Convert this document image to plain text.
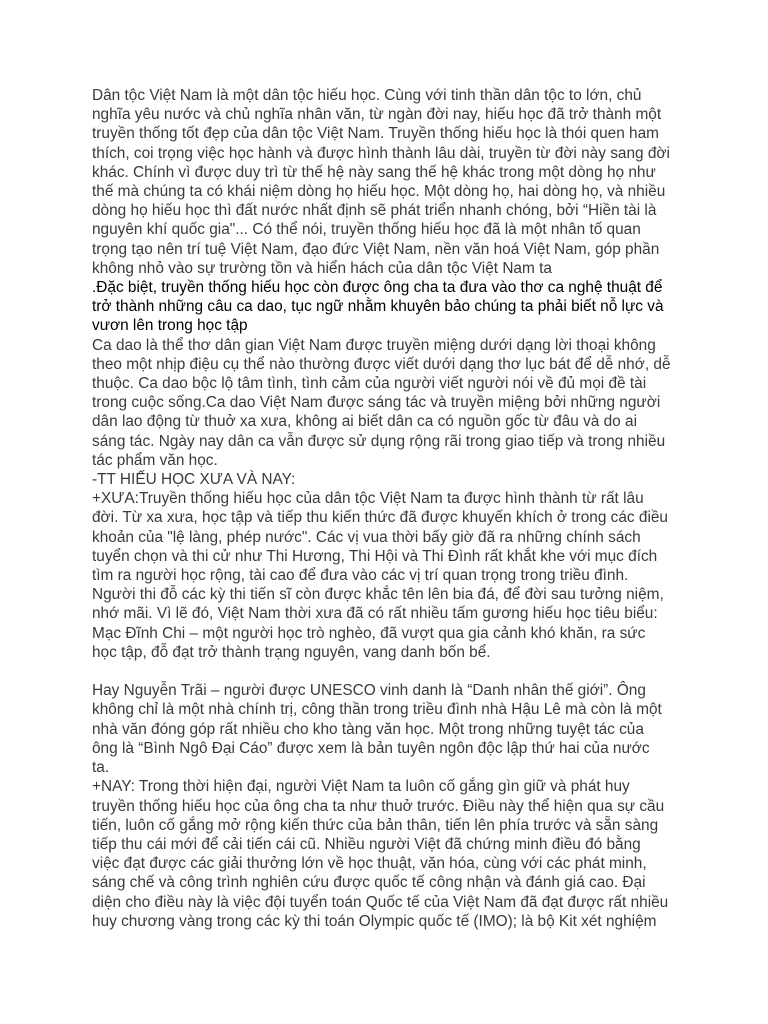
Dân tộc Việt Nam là một dân tộc hiếu học. Cùng với tinh thần dân tộc to lớn, chủ
nghĩa yêu nước và chủ nghĩa nhân văn, từ ngàn đời nay, hiếu học đã trở thành một
truyền thống tốt đẹp của dân tộc Việt Nam. Truyền thống hiếu học là thói quen ham
thích, coi trọng việc học hành và được hình thành lâu dài, truyền từ đời này sang đời
khác. Chính vì được duy trì từ thế hệ này sang thế hệ khác trong một dòng họ như
thế mà chúng ta có khái niệm dòng họ hiếu học. Một dòng họ, hai dòng họ, và nhiều
dòng họ hiếu học thì đất nước nhất định sẽ phát triển nhanh chóng, bởi “Hiền tài là
nguyên khí quốc gia"... Có thể nói, truyền thống hiếu học đã là một nhân tố quan
trọng tạo nên trí tuệ Việt Nam, đạo đức Việt Nam, nền văn hoá Việt Nam, góp phần
không nhỏ vào sự trường tồn và hiển hách của dân tộc Việt Nam ta
.Đặc biệt, truyền thống hiếu học còn được ông cha ta đưa vào thơ ca nghệ thuật để
trở thành những câu ca dao, tục ngữ nhằm khuyên bảo chúng ta phải biết nỗ lực và
vươn lên trong học tập
Ca dao là thể thơ dân gian Việt Nam được truyền miệng dưới dạng lời thoại không
theo một nhịp điệu cụ thể nào thường được viết dưới dạng thơ lục bát để dễ nhớ, dễ
thuộc. Ca dao bộc lộ tâm tình, tình cảm của người viết người nói về đủ mọi đề tài
trong cuộc sống.Ca dao Việt Nam được sáng tác và truyền miệng bởi những người
dân lao động từ thuở xa xưa, không ai biết dân ca có nguồn gốc từ đâu và do ai
sáng tác. Ngày nay dân ca vẫn được sử dụng rộng rãi trong giao tiếp và trong nhiều
tác phẩm văn học.
-TT HIẾU HỌC XƯA VÀ NAY:
+XƯA:Truyền thống hiếu học của dân tộc Việt Nam ta được hình thành từ rất lâu
đời. Từ xa xưa, học tập và tiếp thu kiến thức đã được khuyến khích ở trong các điều
khoản của "lệ làng, phép nước". Các vị vua thời bấy giờ đã ra những chính sách
tuyển chọn và thi cử như Thi Hương, Thi Hội và Thi Đình rất khắt khe với mục đích
tìm ra người học rộng, tài cao để đưa vào các vị trí quan trọng trong triều đình.
Người thi đỗ các kỳ thi tiến sĩ còn được khắc tên lên bia đá, để đời sau tưởng niệm,
nhớ mãi. Vì lẽ đó, Việt Nam thời xưa đã có rất nhiều tấm gương hiếu học tiêu biểu:
Mạc Đĩnh Chi – một người học trò nghèo, đã vượt qua gia cảnh khó khăn, ra sức
học tập, đỗ đạt trở thành trạng nguyên, vang danh bốn bể.
Hay Nguyễn Trãi – người được UNESCO vinh danh là “Danh nhân thế giới”. Ông
không chỉ là một nhà chính trị, công thần trong triều đình nhà Hậu Lê mà còn là một
nhà văn đóng góp rất nhiều cho kho tàng văn học. Một trong những tuyệt tác của
ông là “Bình Ngô Đại Cáo” được xem là bản tuyên ngôn độc lập thứ hai của nước
ta.
+NAY: Trong thời hiện đại, người Việt Nam ta luôn cố gắng gìn giữ và phát huy
truyền thống hiếu học của ông cha ta như thuở trước. Điều này thể hiện qua sự cầu
tiến, luôn cố gắng mở rộng kiến thức của bản thân, tiến lên phía trước và sẵn sàng
tiếp thu cái mới để cải tiến cái cũ. Nhiều người Việt đã chứng minh điều đó bằng
việc đạt được các giải thưởng lớn về học thuật, văn hóa, cùng với các phát minh,
sáng chế và công trình nghiên cứu được quốc tế công nhận và đánh giá cao. Đại
diện cho điều này là việc đội tuyển toán Quốc tế của Việt Nam đã đạt được rất nhiều
huy chương vàng trong các kỳ thi toán Olympic quốc tế (IMO); là bộ Kit xét nghiệm
